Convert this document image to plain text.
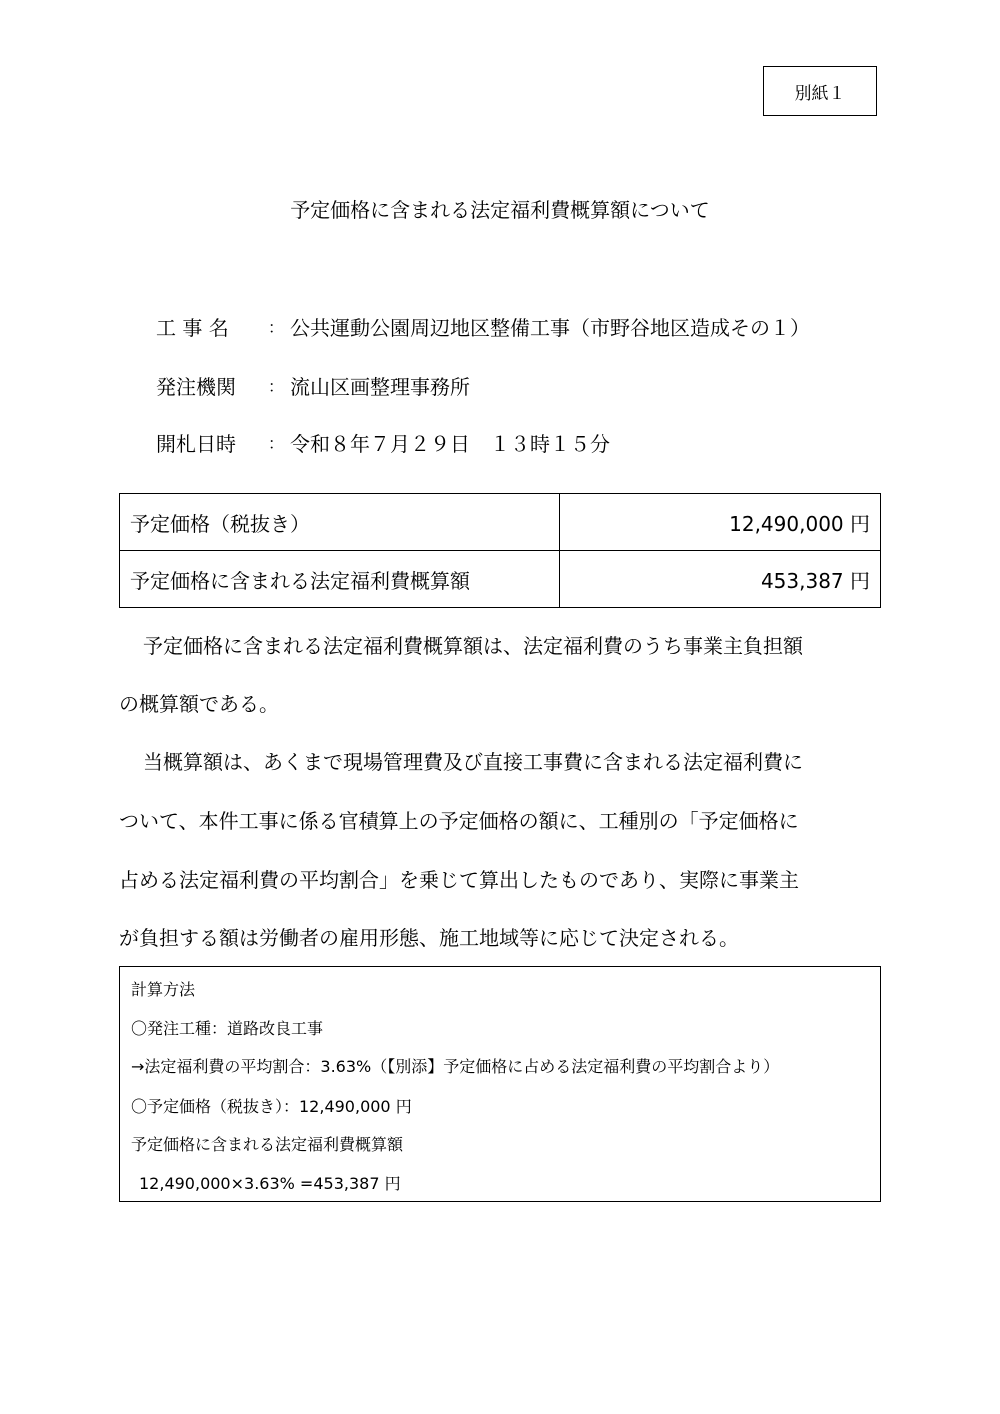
別紙１
予定価格に含まれる法定福利費概算額について
工 事 名	： 公共運動公園周辺地区整備工事（市野谷地区造成その１）
発注機関	： 流山区画整理事務所
開札日時	： 令和８年７月２９日　１３時１５分
予定価格（税抜き）	12,490,000 円
予定価格に含まれる法定福利費概算額	453,387 円
予定価格に含まれる法定福利費概算額は、法定福利費のうち事業主負担額
の概算額である。
当概算額は、あくまで現場管理費及び直接工事費に含まれる法定福利費に
ついて、本件工事に係る官積算上の予定価格の額に、工種別の「予定価格に
占める法定福利費の平均割合」を乗じて算出したものであり、実際に事業主
が負担する額は労働者の雇用形態、施工地域等に応じて決定される。
計算方法
〇発注工種：道路改良工事
→法定福利費の平均割合：3.63%（【別添】予定価格に占める法定福利費の平均割合より）
〇予定価格（税抜き）：12,490,000 円
予定価格に含まれる法定福利費概算額
12,490,000×3.63% =453,387 円
